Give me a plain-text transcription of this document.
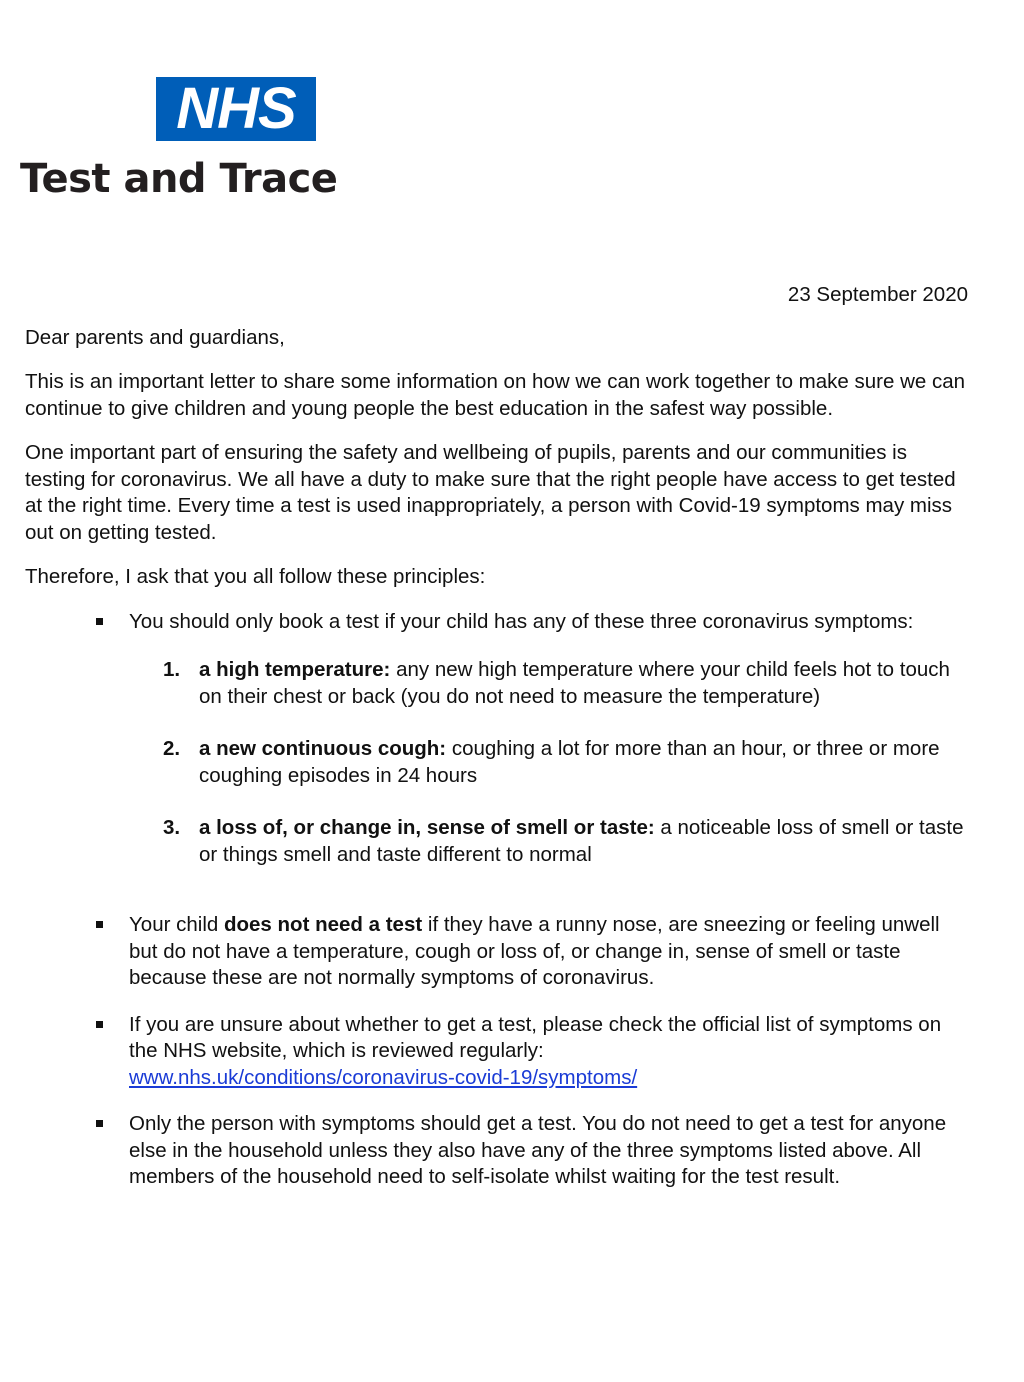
NHS
Test and Trace
23 September 2020

Dear parents and guardians,

This is an important letter to share some information on how we can work together to make sure we can continue to give children and young people the best education in the safest way possible.

One important part of ensuring the safety and wellbeing of pupils, parents and our communities is testing for coronavirus. We all have a duty to make sure that the right people have access to get tested at the right time. Every time a test is used inappropriately, a person with Covid-19 symptoms may miss out on getting tested.

Therefore, I ask that you all follow these principles:

You should only book a test if your child has any of these three coronavirus symptoms:
1. a high temperature: any new high temperature where your child feels hot to touch on their chest or back (you do not need to measure the temperature)
2. a new continuous cough: coughing a lot for more than an hour, or three or more coughing episodes in 24 hours
3. a loss of, or change in, sense of smell or taste: a noticeable loss of smell or taste or things smell and taste different to normal
Your child does not need a test if they have a runny nose, are sneezing or feeling unwell but do not have a temperature, cough or loss of, or change in, sense of smell or taste because these are not normally symptoms of coronavirus.
If you are unsure about whether to get a test, please check the official list of symptoms on the NHS website, which is reviewed regularly:
www.nhs.uk/conditions/coronavirus-covid-19/symptoms/
Only the person with symptoms should get a test. You do not need to get a test for anyone else in the household unless they also have any of the three symptoms listed above. All members of the household need to self-isolate whilst waiting for the test result.
